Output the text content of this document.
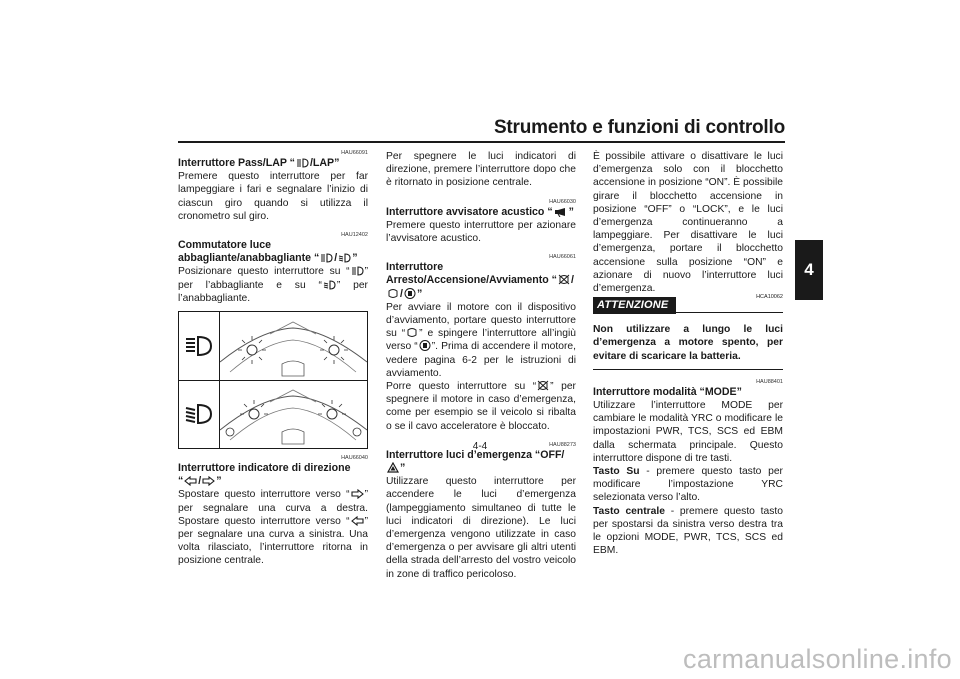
Strumento e funzioni di controllo
4
HAU66091
Interruttore Pass/LAP “ /LAP”

Premere questo interruttore per far lampeggiare i fari e segnalare l’inizio di ciascun giro quando si utilizza il cronometro sul giro.

HAU12402
Commutatore luce abbagliante/anabbagliante “ / ”

Posizionare questo interruttore su “ ” per l’abbagliante e su “ ” per l’anabbagliante.

HAU66040
Interruttore indicatore di direzione
“ / ”

Spostare questo interruttore verso “ ” per segnalare una curva a destra. Spostare questo interruttore verso “ ” per segnalare una curva a sinistra. Una volta rilasciato, l’interruttore ritorna in posizione centrale.

Per spegnere le luci indicatori di direzione, premere l’interruttore dopo che è ritornato in posizione centrale.

HAU66030
Interruttore avvisatore acustico “ ”

Premere questo interruttore per azionare l’avvisatore acustico.

HAU66061
Interruttore Arresto/Accensione/Avviamento “ // ”

Per avviare il motore con il dispositivo d’avviamento, portare questo interruttore su “ ” e spingere l’interruttore all’ingiù verso “ ”. Prima di accendere il motore, vedere pagina 6-2 per le istruzioni di avviamento.
Porre questo interruttore su “ ” per spegnere il motore in caso d’emergenza, come per esempio se il veicolo si ribalta o se il cavo acceleratore è bloccato.

HAU88273
Interruttore luci d’emergenza “OFF/”

Utilizzare questo interruttore per accendere le luci d’emergenza (lampeggiamento simultaneo di tutte le luci indicatori di direzione). Le luci d’emergenza vengono utilizzate in caso d’emergenza o per avvisare gli altri utenti della strada dell’arresto del vostro veicolo in zone di traffico pericoloso.

È possibile attivare o disattivare le luci d’emergenza solo con il blocchetto accensione in posizione “ON”. È possibile girare il blocchetto accensione in posizione “OFF” o “LOCK”, e le luci d’emergenza continueranno a lampeggiare. Per disattivare le luci d’emergenza, portare il blocchetto accensione sulla posizione “ON” e azionare di nuovo l’interruttore luci d’emergenza.

ATTENZIONE
HCA10062

Non utilizzare a lungo le luci d’emergenza a motore spento, per evitare di scaricare la batteria.

HAU88401
Interruttore modalità “MODE”

Utilizzare l’interruttore MODE per cambiare le modalità YRC o modificare le impostazioni PWR, TCS, SCS ed EBM dalla schermata principale. Questo interruttore dispone di tre tasti.

Tasto Su - premere questo tasto per modificare l’impostazione YRC selezionata verso l’alto.

Tasto centrale - premere questo tasto per spostarsi da sinistra verso destra tra le opzioni MODE, PWR, TCS, SCS ed EBM.

4-4
carmanualsonline.info
